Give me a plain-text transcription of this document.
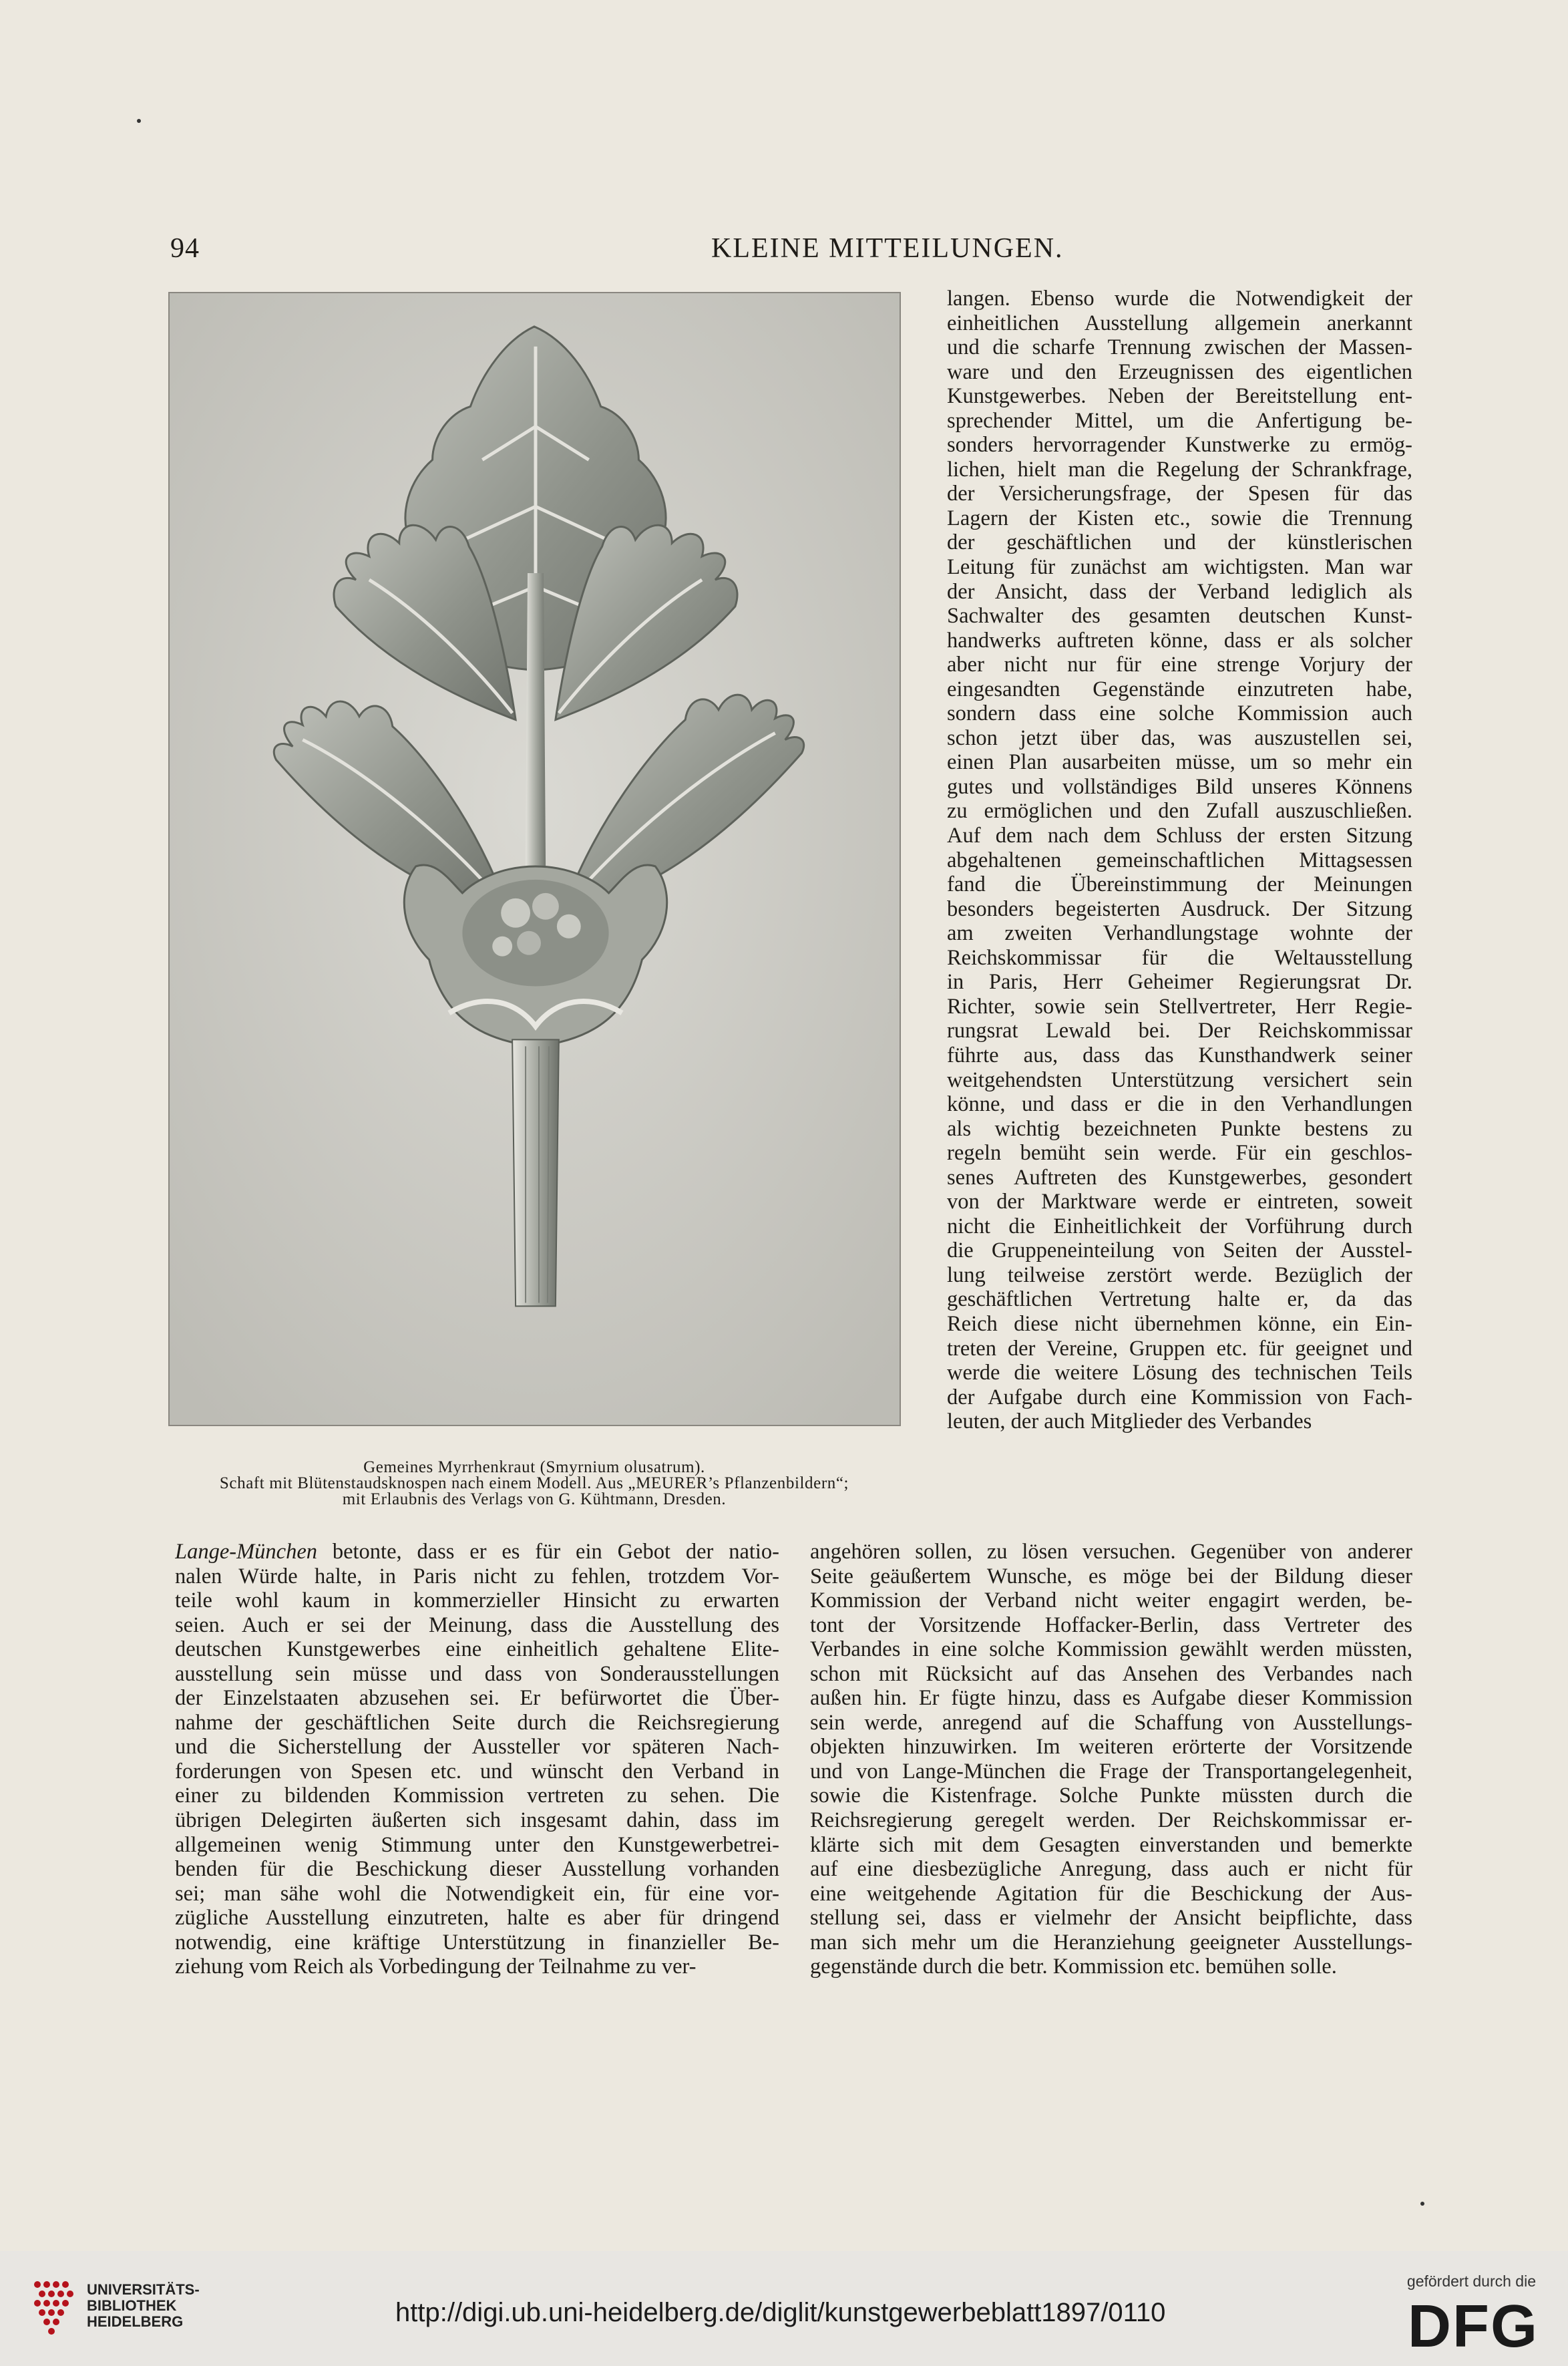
94	KLEINE MITTEILUNGEN.
Gemeines Myrrhenkraut (Smyrnium olusatrum).
Schaft mit Blütenstaudsknospen nach einem Modell. Aus „MEURER’s Pflanzenbildern“;
mit Erlaubnis des Verlags von G. Kühtmann, Dresden.
langen. Ebenso wurde die Notwendigkeit der
einheitlichen Ausstellung allgemein anerkannt
und die scharfe Trennung zwischen der Massen-
ware und den Erzeugnissen des eigentlichen
Kunstgewerbes. Neben der Bereitstellung ent-
sprechender Mittel, um die Anfertigung be-
sonders hervorragender Kunstwerke zu ermög-
lichen, hielt man die Regelung der Schrankfrage,
der Versicherungsfrage, der Spesen für das
Lagern der Kisten etc., sowie die Trennung
der geschäftlichen und der künstlerischen
Leitung für zunächst am wichtigsten. Man war
der Ansicht, dass der Verband lediglich als
Sachwalter des gesamten deutschen Kunst-
handwerks auftreten könne, dass er als solcher
aber nicht nur für eine strenge Vorjury der
eingesandten Gegenstände einzutreten habe,
sondern dass eine solche Kommission auch
schon jetzt über das, was auszustellen sei,
einen Plan ausarbeiten müsse, um so mehr ein
gutes und vollständiges Bild unseres Könnens
zu ermöglichen und den Zufall auszuschließen.
Auf dem nach dem Schluss der ersten Sitzung
abgehaltenen gemeinschaftlichen Mittagsessen
fand die Übereinstimmung der Meinungen
besonders begeisterten Ausdruck. Der Sitzung
am zweiten Verhandlungstage wohnte der
Reichskommissar für die Weltausstellung
in Paris, Herr Geheimer Regierungsrat Dr.
Richter, sowie sein Stellvertreter, Herr Regie-
rungsrat Lewald bei. Der Reichskommissar
führte aus, dass das Kunsthandwerk seiner
weitgehendsten Unterstützung versichert sein
könne, und dass er die in den Verhandlungen
als wichtig bezeichneten Punkte bestens zu
regeln bemüht sein werde. Für ein geschlos-
senes Auftreten des Kunstgewerbes, gesondert
von der Marktware werde er eintreten, soweit
nicht die Einheitlichkeit der Vorführung durch
die Gruppeneinteilung von Seiten der Ausstel-
lung teilweise zerstört werde. Bezüglich der
geschäftlichen Vertretung halte er, da das
Reich diese nicht übernehmen könne, ein Ein-
treten der Vereine, Gruppen etc. für geeignet und
werde die weitere Lösung des technischen Teils
der Aufgabe durch eine Kommission von Fach-
leuten, der auch Mitglieder des Verbandes
Lange-München betonte, dass er es für ein Gebot der natio-
nalen Würde halte, in Paris nicht zu fehlen, trotzdem Vor-
teile wohl kaum in kommerzieller Hinsicht zu erwarten
seien. Auch er sei der Meinung, dass die Ausstellung des
deutschen Kunstgewerbes eine einheitlich gehaltene Elite-
ausstellung sein müsse und dass von Sonderausstellungen
der Einzelstaaten abzusehen sei. Er befürwortet die Über-
nahme der geschäftlichen Seite durch die Reichsregierung
und die Sicherstellung der Aussteller vor späteren Nach-
forderungen von Spesen etc. und wünscht den Verband in
einer zu bildenden Kommission vertreten zu sehen. Die
übrigen Delegirten äußerten sich insgesamt dahin, dass im
allgemeinen wenig Stimmung unter den Kunstgewerbetrei-
benden für die Beschickung dieser Ausstellung vorhanden
sei; man sähe wohl die Notwendigkeit ein, für eine vor-
zügliche Ausstellung einzutreten, halte es aber für dringend
notwendig, eine kräftige Unterstützung in finanzieller Be-
ziehung vom Reich als Vorbedingung der Teilnahme zu ver-
angehören sollen, zu lösen versuchen. Gegenüber von anderer
Seite geäußertem Wunsche, es möge bei der Bildung dieser
Kommission der Verband nicht weiter engagirt werden, be-
tont der Vorsitzende Hoffacker-Berlin, dass Vertreter des
Verbandes in eine solche Kommission gewählt werden müssten,
schon mit Rücksicht auf das Ansehen des Verbandes nach
außen hin. Er fügte hinzu, dass es Aufgabe dieser Kommission
sein werde, anregend auf die Schaffung von Ausstellungs-
objekten hinzuwirken. Im weiteren erörterte der Vorsitzende
und von Lange-München die Frage der Transportangelegenheit,
sowie die Kistenfrage. Solche Punkte müssten durch die
Reichsregierung geregelt werden. Der Reichskommissar er-
klärte sich mit dem Gesagten einverstanden und bemerkte
auf eine diesbezügliche Anregung, dass auch er nicht für
eine weitgehende Agitation für die Beschickung der Aus-
stellung sei, dass er vielmehr der Ansicht beipflichte, dass
man sich mehr um die Heranziehung geeigneter Ausstellungs-
gegenstände durch die betr. Kommission etc. bemühen solle.
UNIVERSITÄTS-
BIBLIOTHEK
HEIDELBERG	http://digi.ub.uni-heidelberg.de/diglit/kunstgewerbeblatt1897/0110
gefördert durch die
DFG
